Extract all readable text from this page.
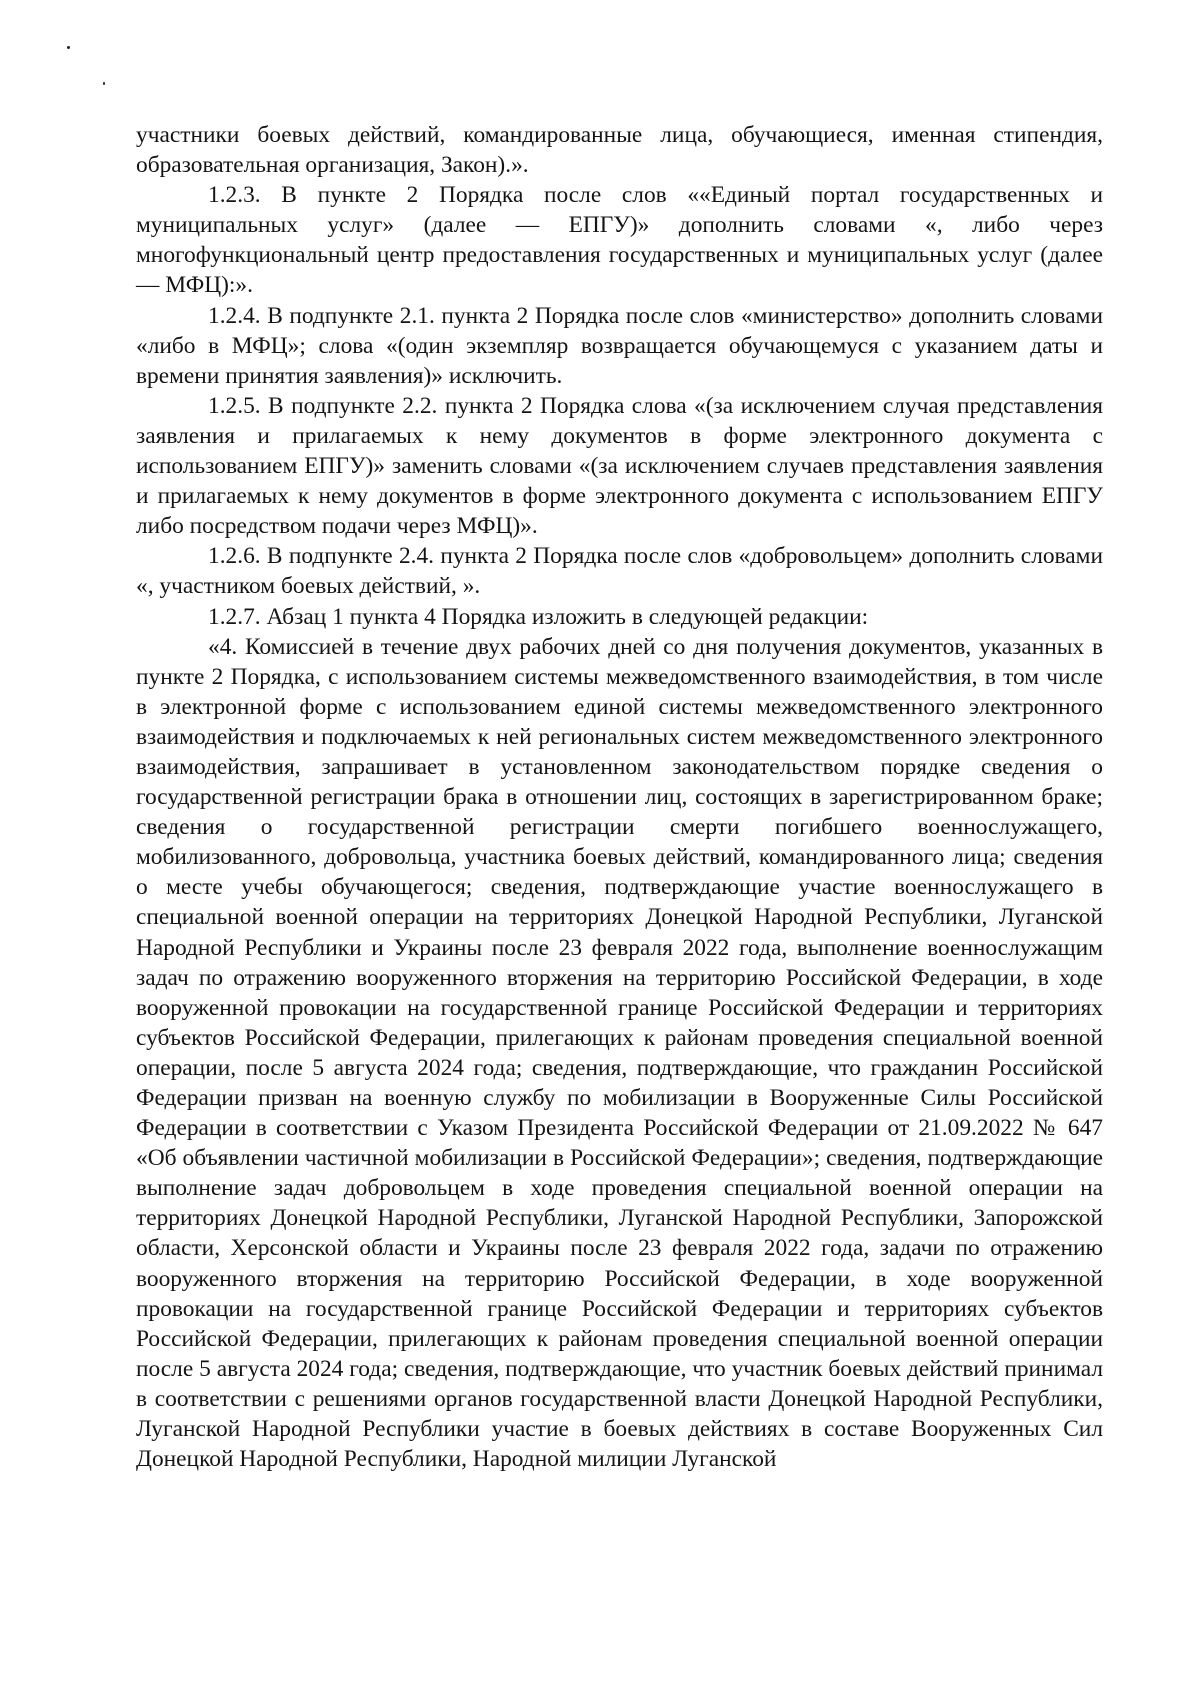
участники боевых действий, командированные лица, обучающиеся, именная стипендия, образовательная организация, Закон).».

1.2.3. В пункте 2 Порядка после слов ««Единый портал государственных и муниципальных услуг» (далее — ЕПГУ)» дополнить словами «, либо через многофункциональный центр предоставления государственных и муниципальных услуг (далее — МФЦ):».

1.2.4. В подпункте 2.1. пункта 2 Порядка после слов «министерство» дополнить словами «либо в МФЦ»; слова «(один экземпляр возвращается обучающемуся с указанием даты и времени принятия заявления)» исключить.

1.2.5. В подпункте 2.2. пункта 2 Порядка слова «(за исключением случая представления заявления и прилагаемых к нему документов в форме электронного документа с использованием ЕПГУ)» заменить словами «(за исключением случаев представления заявления и прилагаемых к нему документов в форме электронного документа с использованием ЕПГУ либо посредством подачи через МФЦ)».

1.2.6. В подпункте 2.4. пункта 2 Порядка после слов «добровольцем» дополнить словами «, участником боевых действий, ».

1.2.7. Абзац 1 пункта 4 Порядка изложить в следующей редакции:

«4. Комиссией в течение двух рабочих дней со дня получения документов, указанных в пункте 2 Порядка, с использованием системы межведомственного взаимодействия, в том числе в электронной форме с использованием единой системы межведомственного электронного взаимодействия и подключаемых к ней региональных систем межведомственного электронного взаимодействия, запрашивает в установленном законодательством порядке сведения о государственной регистрации брака в отношении лиц, состоящих в зарегистрированном браке; сведения о государственной регистрации смерти погибшего военнослужащего, мобилизованного, добровольца, участника боевых действий, командированного лица; сведения о месте учебы обучающегося; сведения, подтверждающие участие военнослужащего в специальной военной операции на территориях Донецкой Народной Республики, Луганской Народной Республики и Украины после 23 февраля 2022 года, выполнение военнослужащим задач по отражению вооруженного вторжения на территорию Российской Федерации, в ходе вооруженной провокации на государственной границе Российской Федерации и территориях субъектов Российской Федерации, прилегающих к районам проведения специальной военной операции, после 5 августа 2024 года; сведения, подтверждающие, что гражданин Российской Федерации призван на военную службу по мобилизации в Вооруженные Силы Российской Федерации в соответствии с Указом Президента Российской Федерации от 21.09.2022 № 647 «Об объявлении частичной мобилизации в Российской Федерации»; сведения, подтверждающие выполнение задач добровольцем в ходе проведения специальной военной операции на территориях Донецкой Народной Республики, Луганской Народной Республики, Запорожской области, Херсонской области и Украины после 23 февраля 2022 года, задачи по отражению вооруженного вторжения на территорию Российской Федерации, в ходе вооруженной провокации на государственной границе Российской Федерации и территориях субъектов Российской Федерации, прилегающих к районам проведения специальной военной операции после 5 августа 2024 года; сведения, подтверждающие, что участник боевых действий принимал в соответствии с решениями органов государственной власти Донецкой Народной Республики, Луганской Народной Республики участие в боевых действиях в составе Вооруженных Сил Донецкой Народной Республики, Народной милиции Луганской
